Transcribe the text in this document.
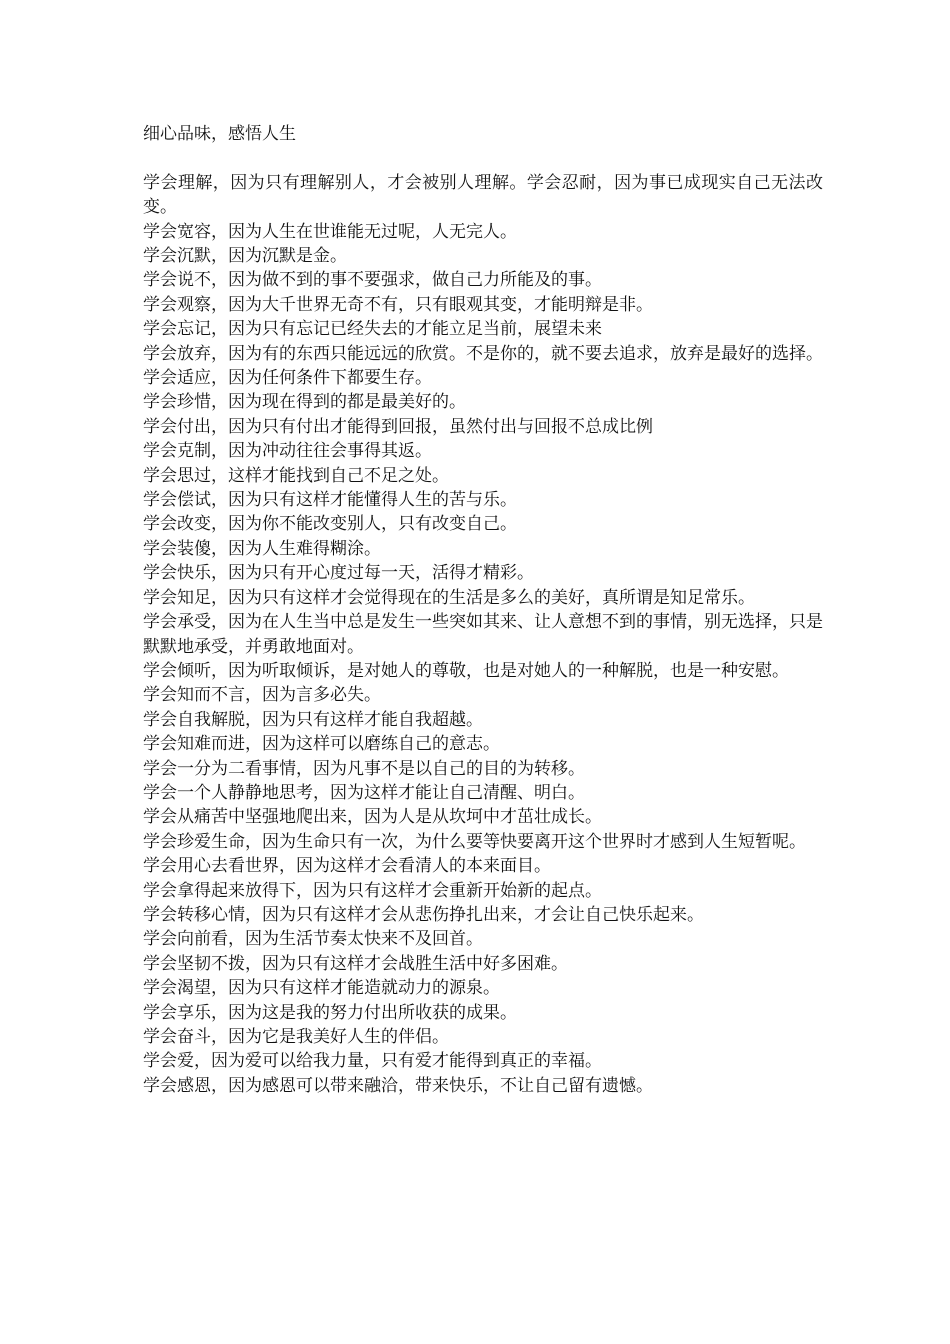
细心品味，感悟人生

学会理解，因为只有理解别人，才会被别人理解。学会忍耐，因为事已成现实自己无法改变。

学会宽容，因为人生在世谁能无过呢，人无完人。

学会沉默，因为沉默是金。

学会说不，因为做不到的事不要强求，做自己力所能及的事。

学会观察，因为大千世界无奇不有，只有眼观其变，才能明辩是非。

学会忘记，因为只有忘记已经失去的才能立足当前，展望未来

学会放弃，因为有的东西只能远远的欣赏。不是你的，就不要去追求，放弃是最好的选择。

学会适应，因为任何条件下都要生存。

学会珍惜，因为现在得到的都是最美好的。

学会付出，因为只有付出才能得到回报，虽然付出与回报不总成比例

学会克制，因为冲动往往会事得其返。

学会思过，这样才能找到自己不足之处。

学会偿试，因为只有这样才能懂得人生的苦与乐。

学会改变，因为你不能改变别人，只有改变自己。

学会装傻，因为人生难得糊涂。

学会快乐，因为只有开心度过每一天，活得才精彩。

学会知足，因为只有这样才会觉得现在的生活是多么的美好，真所谓是知足常乐。

学会承受，因为在人生当中总是发生一些突如其来、让人意想不到的事情，别无选择，只是默默地承受，并勇敢地面对。

学会倾听，因为听取倾诉，是对她人的尊敬，也是对她人的一种解脱，也是一种安慰。

学会知而不言，因为言多必失。

学会自我解脱，因为只有这样才能自我超越。

学会知难而进，因为这样可以磨练自己的意志。

学会一分为二看事情，因为凡事不是以自己的目的为转移。

学会一个人静静地思考，因为这样才能让自己清醒、明白。

学会从痛苦中坚强地爬出来，因为人是从坎坷中才茁壮成长。

学会珍爱生命，因为生命只有一次，为什么要等快要离开这个世界时才感到人生短暂呢。

学会用心去看世界，因为这样才会看清人的本来面目。

学会拿得起来放得下，因为只有这样才会重新开始新的起点。

学会转移心情，因为只有这样才会从悲伤挣扎出来，才会让自己快乐起来。

学会向前看，因为生活节奏太快来不及回首。

学会坚韧不拨，因为只有这样才会战胜生活中好多困难。

学会渴望，因为只有这样才能造就动力的源泉。

学会享乐，因为这是我的努力付出所收获的成果。

学会奋斗，因为它是我美好人生的伴侣。

学会爱，因为爱可以给我力量，只有爱才能得到真正的幸福。

学会感恩，因为感恩可以带来融洽，带来快乐，不让自己留有遗憾。
